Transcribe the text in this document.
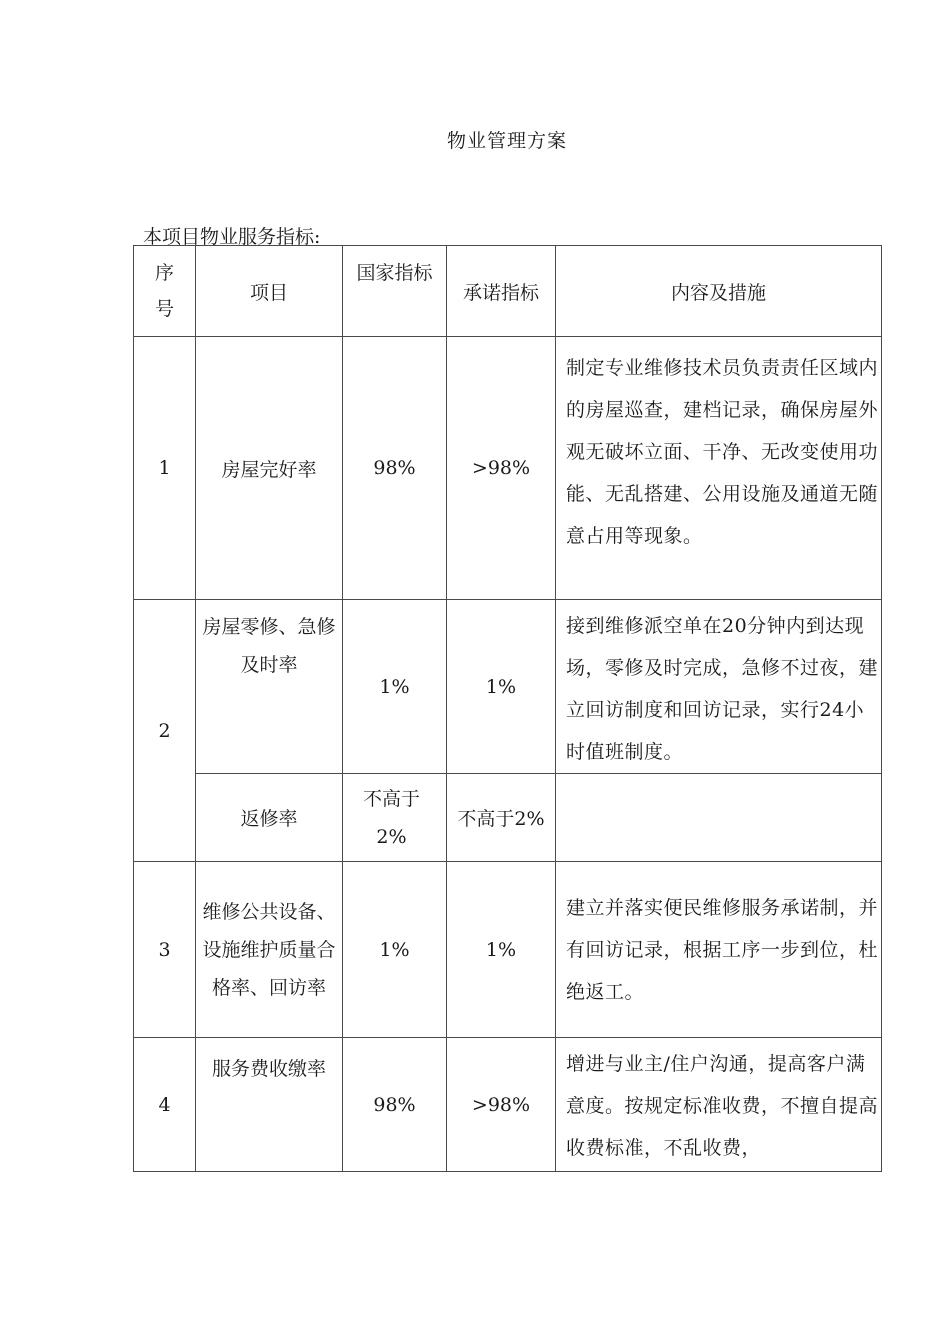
物业管理方案
本项目物业服务指标:
序号	项目	国家指标	承诺指标	内容及措施
1	房屋完好率	98%	>98%	制定专业维修技术员负责责任区域内的房屋巡查，建档记录，确保房屋外观无破坏立面、干净、无改变使用功能、无乱搭建、公用设施及通道无随意占用等现象。
2	房屋零修、急修及时率	1%	1%	接到维修派空单在20分钟内到达现场，零修及时完成，急修不过夜，建立回访制度和回访记录，实行24小时值班制度。
	返修率	不高于2%	不高于2%	
3	维修公共设备、设施维护质量合格率、回访率	1%	1%	建立并落实便民维修服务承诺制，并有回访记录，根据工序一步到位，杜绝返工。
4	服务费收缴率	98%	>98%	增进与业主/住户沟通，提高客户满意度。按规定标准收费，不擅自提高收费标准，不乱收费，
